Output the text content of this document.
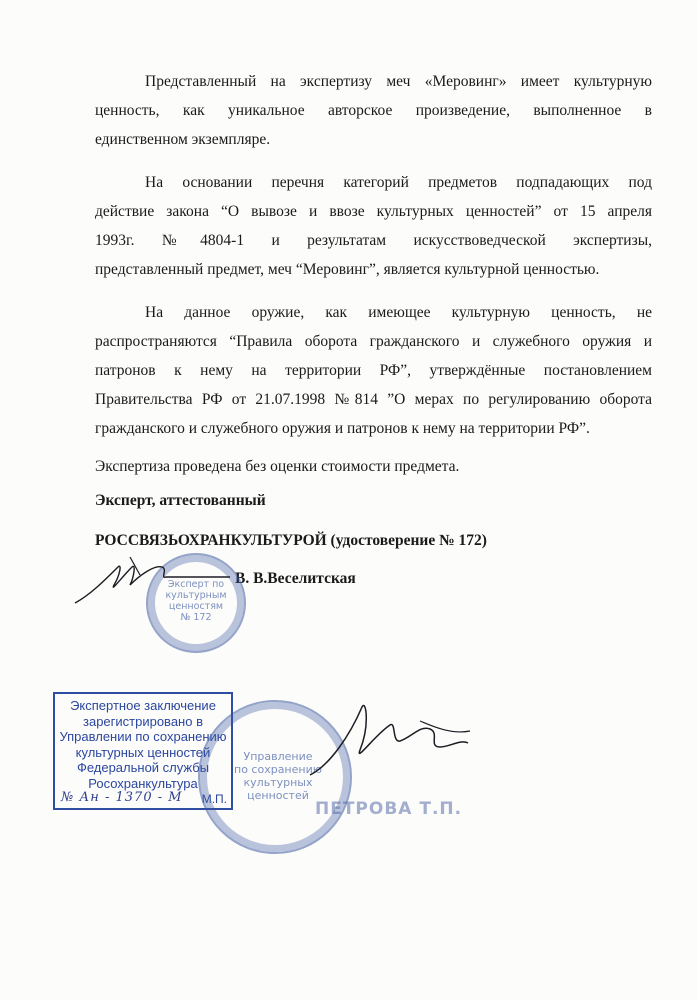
Представленный на экспертизу меч «Меровинг» имеет культурную
ценность, как уникальное авторское произведение, выполненное в
единственном экземпляре.
На основании перечня категорий предметов подпадающих под
действие закона “О вывозе и ввозе культурных ценностей” от 15 апреля
1993г. №4804-1 и результатам искусствоведческой экспертизы,
представленный предмет, меч “Меровинг”, является культурной ценностью.
На данное оружие, как имеющее культурную ценность, не
распространяются “Правила оборота гражданского и служебного оружия и
патронов к нему на территории РФ”, утверждённые постановлением
Правительства РФ от 21.07.1998 №814 ”О мерах по регулированию оборота
гражданского и служебного оружия и патронов к нему на территории РФ”.
Экспертиза проведена без оценки стоимости предмета.
Эксперт, аттестованный
РОССВЯЗЬОХРАНКУЛЬТУРОЙ (удостоверение № 172)
В. В.Веселитская
Эксперт по
культурным
ценностям
№ 172
Экспертное заключение
зарегистрировано в
Управлении по сохранению
культурных ценностей
Федеральной службы
Росохранкультура
№ Ан - 1370 - М М.П.
Управление
по сохранению
культурных
ценностей
ПЕТРОВА Т.П.
